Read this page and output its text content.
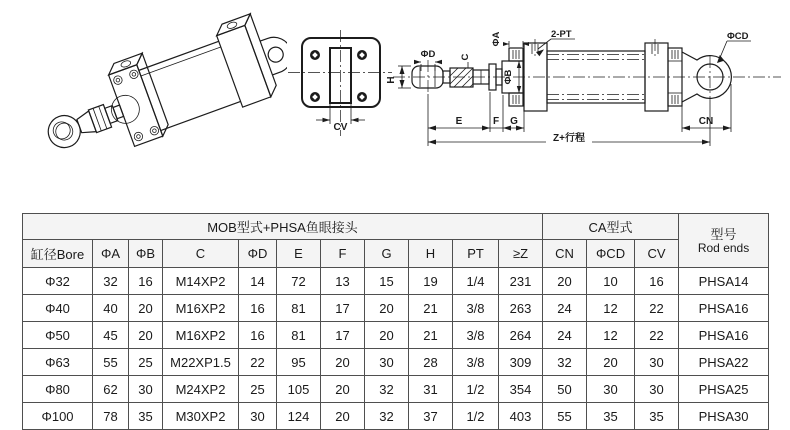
CV
H
ΦD	C
ΦB
ΦA	2-PT	ΦCD
E	F G	CN
Z+行程
MOB型式+PHSA鱼眼接头											CA型式			型号
Rod ends

缸径Bore	ΦA	ΦB	C	ΦD	E	F	G	H	PT	≥Z	CN	ΦCD	CV	
Φ32	32	16	M14XP2	14	72	13	15	19	1/4	231	20	10	16	PHSA14
Φ40	40	20	M16XP2	16	81	17	20	21	3/8	263	24	12	22	PHSA16
Φ50	45	20	M16XP2	16	81	17	20	21	3/8	264	24	12	22	PHSA16
Φ63	55	25	M22XP1.5	22	95	20	30	28	3/8	309	32	20	30	PHSA22
Φ80	62	30	M24XP2	25	105	20	32	31	1/2	354	50	30	30	PHSA25
Φ100	78	35	M30XP2	30	124	20	32	37	1/2	403	55	35	35	PHSA30
